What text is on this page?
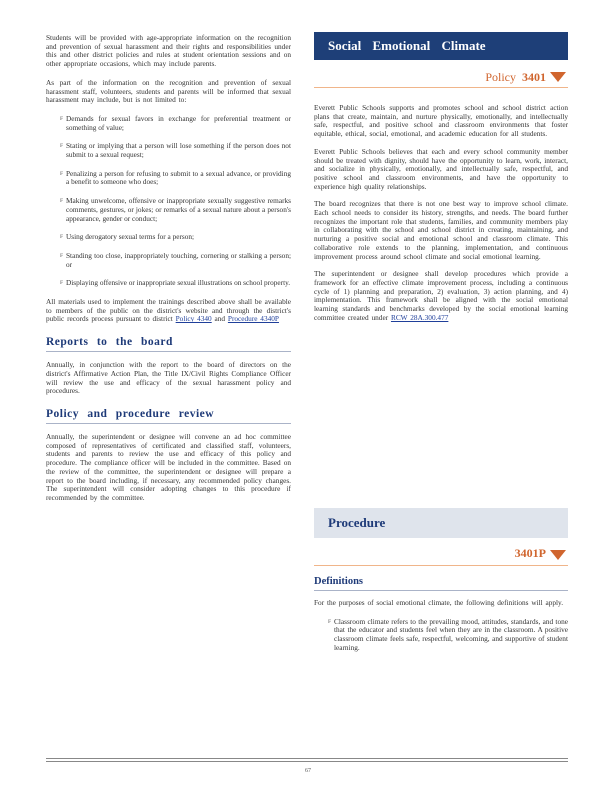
Students will be provided with age-appropriate information on the recognition and prevention of sexual harassment and their rights and responsibilities under this and other district policies and rules at student orientation sessions and on other appropriate occasions, which may include parents.

As part of the information on the recognition and prevention of sexual harassment staff, volunteers, students and parents will be informed that sexual harassment may include, but is not limited to:

F Demands for sexual favors in exchange for preferential treatment or something of value;
F Stating or implying that a person will lose something if the person does not submit to a sexual request;
F Penalizing a person for refusing to submit to a sexual advance, or providing a benefit to someone who does;
F Making unwelcome, offensive or inappropriate sexually suggestive remarks comments, gestures, or jokes; or remarks of a sexual nature about a person's appearance, gender or conduct;
F Using derogatory sexual terms for a person;
F Standing too close, inappropriately touching, cornering or stalking a person; or
F Displaying offensive or inappropriate sexual illustrations on school property.

All materials used to implement the trainings described above shall be available to members of the public on the district's website and through the district's public records process pursuant to district Policy 4340 and Procedure 4340P

Reports to the board

Annually, in conjunction with the report to the board of directors on the district's Affirmative Action Plan, the Title IX/Civil Rights Compliance Officer will review the use and efficacy of the sexual harassment policy and procedures.

Policy and procedure review

Annually, the superintendent or designee will convene an ad hoc committee composed of representatives of certificated and classified staff, volunteers, students and parents to review the use and efficacy of this policy and procedure. The compliance officer will be included in the committee. Based on the review of the committee, the superintendent or designee will prepare a report to the board including, if necessary, any recommended policy changes. The superintendent will consider adopting changes to this procedure if recommended by the committee.

Social Emotional Climate
Policy 3401

Everett Public Schools supports and promotes school and school district action plans that create, maintain, and nurture physically, emotionally, and intellectually safe, respectful, and positive school and classroom environments that foster equitable, ethical, social, emotional, and academic education for all students.

Everett Public Schools believes that each and every school community member should be treated with dignity, should have the opportunity to learn, work, interact, and socialize in physically, emotionally, and intellectually safe, respectful, and positive school and classroom environments, and have the opportunity to experience high quality relationships.

The board recognizes that there is not one best way to improve school climate. Each school needs to consider its history, strengths, and needs. The board further recognizes the important role that students, families, and community members play in collaborating with the school and school district in creating, maintaining, and nurturing a positive social and emotional school and classroom climate. This collaborative role extends to the planning, implementation, and continuous improvement process around school climate and social emotional learning.

The superintendent or designee shall develop procedures which provide a framework for an effective climate improvement process, including a continuous cycle of 1) planning and preparation, 2) evaluation, 3) action planning, and 4) implementation. This framework shall be aligned with the social emotional learning standards and benchmarks developed by the social emotional learning committee created under RCW 28A.300.477

Procedure
3401P
Definitions

For the purposes of social emotional climate, the following definitions will apply.

F Classroom climate refers to the prevailing mood, attitudes, standards, and tone that the educator and students feel when they are in the classroom. A positive classroom climate feels safe, respectful, welcoming, and supportive of student learning.
67
